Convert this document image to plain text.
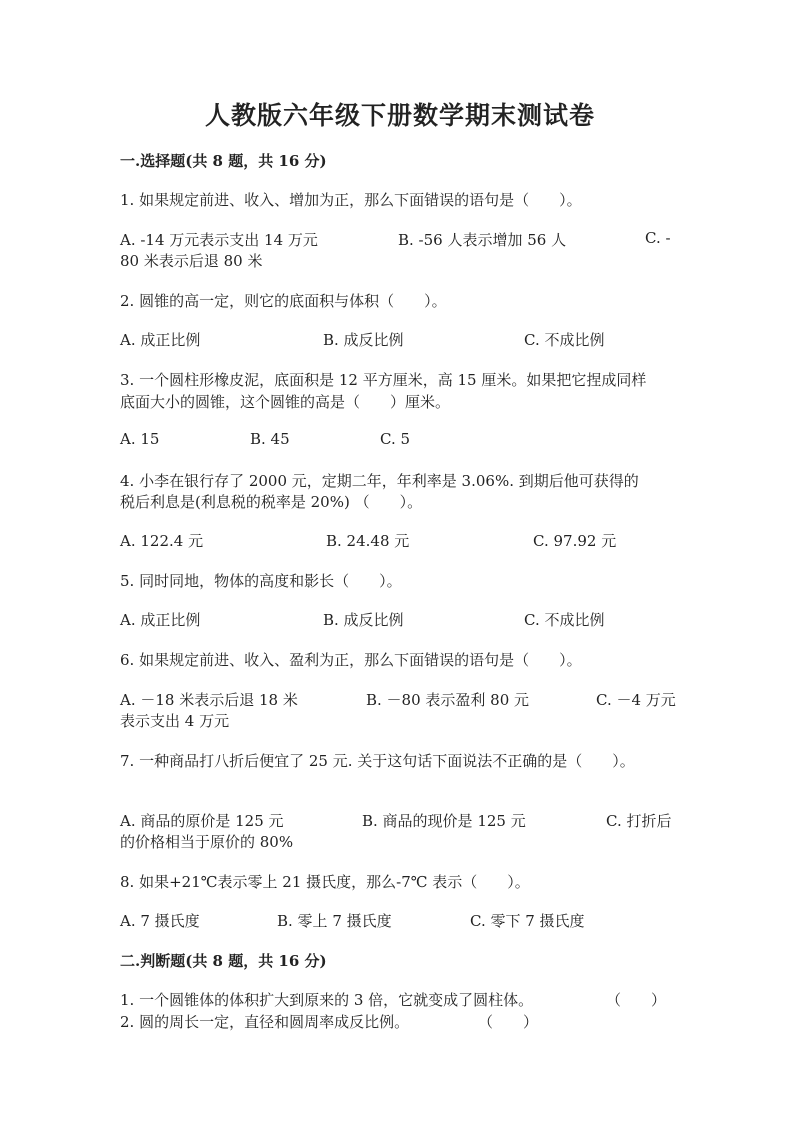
人教版六年级下册数学期末测试卷
一.选择题(共 8 题，共 16 分)
1. 如果规定前进、收入、增加为正，那么下面错误的语句是（　　）。
A. -14 万元表示支出 14 万元	B. -56 人表示增加 56 人	C. -
80 米表示后退 80 米
2. 圆锥的高一定，则它的底面积与体积（　　）。
A. 成正比例	B. 成反比例	C. 不成比例
3. 一个圆柱形橡皮泥，底面积是 12 平方厘米，高 15 厘米。如果把它捏成同样
底面大小的圆锥，这个圆锥的高是（　　）厘米。
A. 15	B. 45	C. 5
4. 小李在银行存了 2000 元，定期二年，年利率是 3.06%. 到期后他可获得的
税后利息是(利息税的税率是 20%) （　　）。
A. 122.4 元	B. 24.48 元	C. 97.92 元
5. 同时同地，物体的高度和影长（　　）。
A. 成正比例	B. 成反比例	C. 不成比例
6. 如果规定前进、收入、盈利为正，那么下面错误的语句是（　　）。
A. －18 米表示后退 18 米	B. －80 表示盈利 80 元	C. －4 万元
表示支出 4 万元
7. 一种商品打八折后便宜了 25 元. 关于这句话下面说法不正确的是（　　）。
A. 商品的原价是 125 元	B. 商品的现价是 125 元	C. 打折后
的价格相当于原价的 80%
8. 如果+21℃表示零上 21 摄氏度，那么-7℃ 表示（　　）。
A. 7 摄氏度	B. 零上 7 摄氏度	C. 零下 7 摄氏度
二.判断题(共 8 题，共 16 分)
1. 一个圆锥体的体积扩大到原来的 3 倍，它就变成了圆柱体。	（　　）
2. 圆的周长一定，直径和圆周率成反比例。	（　　）
